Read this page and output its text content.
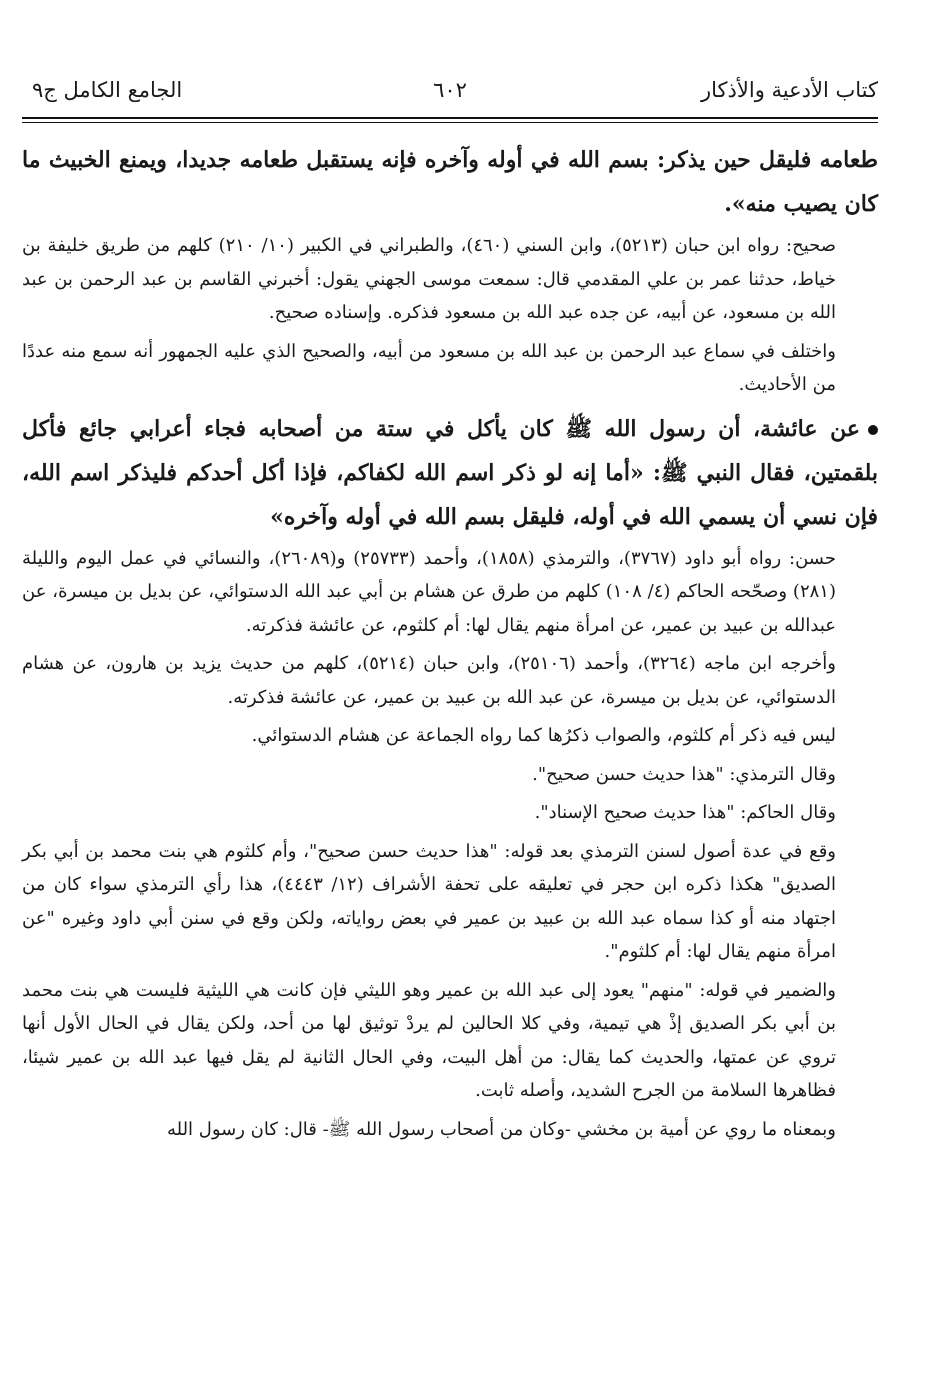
كتاب الأدعية والأذكار
٦٠٢
الجامع الكامل ج٩

طعامه فليقل حين يذكر: بسم الله في أوله وآخره فإنه يستقبل طعامه جديدا، ويمنع الخبيث ما كان يصيب منه».

صحيح: رواه ابن حبان (٥٢١٣)، وابن السني (٤٦٠)، والطبراني في الكبير (١٠/ ٢١٠) كلهم من طريق خليفة بن خياط، حدثنا عمر بن علي المقدمي قال: سمعت موسى الجهني يقول: أخبرني القاسم بن عبد الرحمن بن عبد الله بن مسعود، عن أبيه، عن جده عبد الله بن مسعود فذكره. وإسناده صحيح.

واختلف في سماع عبد الرحمن بن عبد الله بن مسعود من أبيه، والصحيح الذي عليه الجمهور أنه سمع منه عددًا من الأحاديث.

عن عائشة، أن رسول الله ﷺ كان يأكل في ستة من أصحابه فجاء أعرابي جائع فأكل بلقمتين، فقال النبي ﷺ: «أما إنه لو ذكر اسم الله لكفاكم، فإذا أكل أحدكم فليذكر اسم الله، فإن نسي أن يسمي الله في أوله، فليقل بسم الله في أوله وآخره»

حسن: رواه أبو داود (٣٧٦٧)، والترمذي (١٨٥٨)، وأحمد (٢٥٧٣٣) و(٢٦٠٨٩)، والنسائي في عمل اليوم والليلة (٢٨١) وصحّحه الحاكم (٤/ ١٠٨) كلهم من طرق عن هشام بن أبي عبد الله الدستوائي، عن بديل بن ميسرة، عن عبدالله بن عبيد بن عمير، عن امرأة منهم يقال لها: أم كلثوم، عن عائشة فذكرته.

وأخرجه ابن ماجه (٣٢٦٤)، وأحمد (٢٥١٠٦)، وابن حبان (٥٢١٤)، كلهم من حديث يزيد بن هارون، عن هشام الدستوائي، عن بديل بن ميسرة، عن عبد الله بن عبيد بن عمير، عن عائشة فذكرته.

ليس فيه ذكر أم كلثوم، والصواب ذكرُها كما رواه الجماعة عن هشام الدستوائي.

وقال الترمذي: "هذا حديث حسن صحيح".

وقال الحاكم: "هذا حديث صحيح الإسناد".

وقع في عدة أصول لسنن الترمذي بعد قوله: "هذا حديث حسن صحيح"، وأم كلثوم هي بنت محمد بن أبي بكر الصديق" هكذا ذكره ابن حجر في تعليقه على تحفة الأشراف (١٢/ ٤٤٤٣)، هذا رأي الترمذي سواء كان من اجتهاد منه أو كذا سماه عبد الله بن عبيد بن عمير في بعض رواياته، ولكن وقع في سنن أبي داود وغيره "عن امرأة منهم يقال لها: أم كلثوم".

والضمير في قوله: "منهم" يعود إلى عبد الله بن عمير وهو الليثي فإن كانت هي الليثية فليست هي بنت محمد بن أبي بكر الصديق إذْ هي تيمية، وفي كلا الحالين لم يردْ توثيق لها من أحد، ولكن يقال في الحال الأول أنها تروي عن عمتها، والحديث كما يقال: من أهل البيت، وفي الحال الثانية لم يقل فيها عبد الله بن عمير شيئا، فظاهرها السلامة من الجرح الشديد، وأصله ثابت.

وبمعناه ما روي عن أمية بن مخشي -وكان من أصحاب رسول الله ﷺ- قال: كان رسول الله
